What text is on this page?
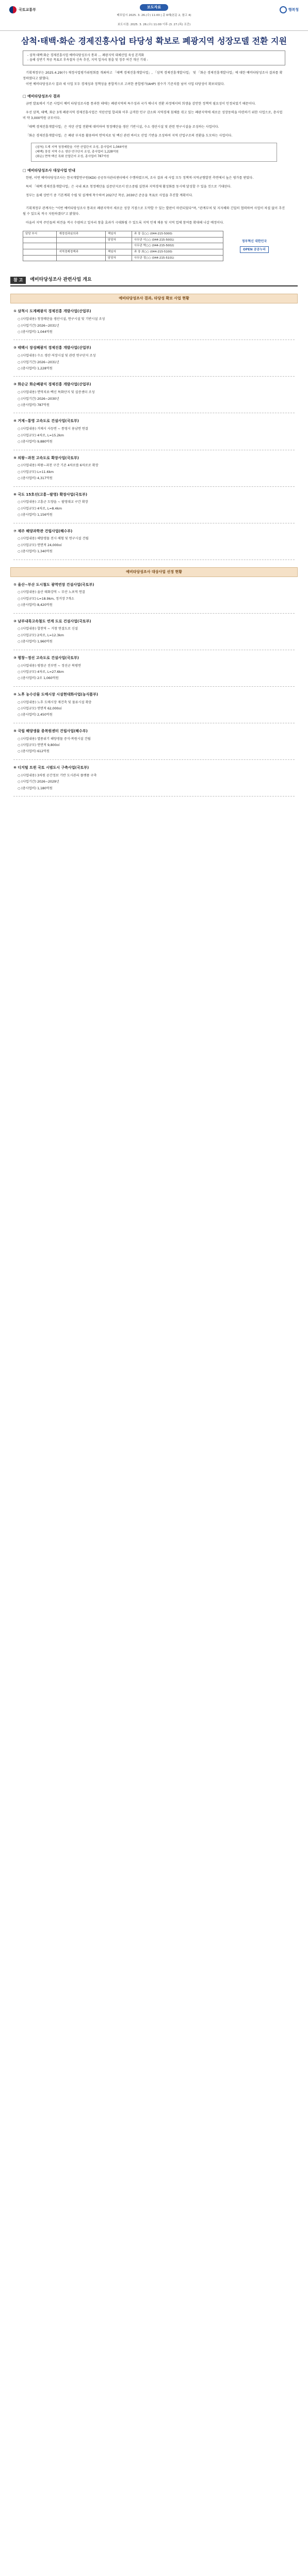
국토교통부
보도자료
배포일시 2025. 3. 26.(수) 11:00 | 총 6매(본문 2, 참고 4)
행복청
보도시점: 2025. 3. 26.(수) 11:00 이후 (3. 27.(목) 조간)
삼척·태백·화순 경제진흥사업 타당성 확보로 폐광지역 성장모델 전환 지원
- 삼척·태백·화순 경제진흥사업 예비타당성조사 통과 … 폐광지역 대체산업 육성 본격화
- 올해 상반기 착공 목표로 후속절차 신속 추진, 지역 일자리 창출 및 정주 여건 개선 기대 -

기획재정부는 2025.4.29(수) 재정사업평가위원회를 개최하고 「태백 경제진흥개발사업」, 「삼척 경제진흥개발사업」 및 「화순 경제진흥개발사업」에 대한 예비타당성조사 결과를 확정하였다고 밝혔다.

이번 예비타당성조사 결과 세 사업 모두 경제성과 정책성을 종합적으로 고려한 종합평가(AHP) 점수가 기준치를 넘어 사업 타당성이 확보되었다.

□ 예비타당성조사 결과

금번 발표에서 기존 사업이 예비 타당성조사를 통과한 데에는 폐광지역의 특수성과 국가 에너지 전환 과정에서의 희생을 감안한 정책적 필요성이 인정되었기 때문이다.

우선 삼척, 태백, 화순 3개 폐광지역 경제진흥사업은 석탄산업 합리화 이후 급격한 인구 감소와 지역경제 침체를 겪고 있는 폐광지역에 새로운 성장동력을 마련하기 위한 사업으로, 총사업비 약 3,000억원 규모이다.

「태백 경제진흥개발사업」은 석탄 산업 전환에 대비하여 청정메탄올 생산 기반시설, 수소 생산시설 및 관련 연구시설을 조성하는 사업이다.

「화순 경제진흥개발사업」은 폐광 부지를 활용하여 면역치료 및 백신 관련 바이오 산업 기반을 조성하여 지역 산업구조의 전환을 도모하는 사업이다.

(삼척) 도계 지역 청정메탄올 기반 산업단지 조성, 총사업비 1,044억원
(태백) 장성 지역 수소 생산·연구단지 조성, 총사업비 1,228억원
(화순) 면역·백신 특화 산업단지 조성, 총사업비 787억원
□ 예비타당성조사 대상사업 안내

한편, 이번 예비타당성조사는 한국개발연구원(KDI) 공공투자관리센터에서 수행하였으며, 조사 결과 세 사업 모두 정책적·지역균형발전 측면에서 높은 평가를 받았다.

특히 「태백 경제진흥개발사업」은 국내 최초 청정메탄올 실증단지로서 탄소중립 실현과 지역경제 활성화를 동시에 달성할 수 있을 것으로 기대된다.

정부는 올해 상반기 중 기본계획 수립 및 설계에 착수하여 2027년 착공, 2030년 준공을 목표로 사업을 추진할 계획이다.

기획재정부 관계자는 "이번 예비타당성조사 통과로 폐광지역이 새로운 성장 거점으로 도약할 수 있는 발판이 마련되었다"며, "관계부처 및 지자체와 긴밀히 협력하여 사업이 차질 없이 추진될 수 있도록 적극 지원하겠다"고 밝혔다.

아울러 지역 주민들의 의견을 적극 수렴하고 일자리 창출 효과가 극대화될 수 있도록 지역 인재 채용 및 지역 업체 참여를 확대해 나갈 예정이다.

담당 부서	재정성과심의과	책임자	과 장 김○○ (044-215-5000)
		담당자	사무관 이○○ (044-215-5001)
			사무관 박○○ (044-215-5002)
	지역경제정책과	책임자	과 장 최○○ (044-215-5100)
		담당자	사무관 정○○ (044-215-5101)
정부혁신 대한민국
OPEN 공공누리
참 고	예비타당성조사 관련사업 개요
예비타당성조사 결과, 타당성 확보 사업 현황
① 삼척시 도계폐광지 경제진흥 개발사업(산업부)
○ (사업내용) 청정메탄올 생산시설, 연구시설 및 기반시설 조성
○ (사업기간) 2026~2031년
○ (총사업비) 1,044억원
② 태백시 장성폐광지 경제진흥 개발사업(산업부)
○ (사업내용) 수소 생산·저장시설 및 관련 연구단지 조성
○ (사업기간) 2026~2031년
○ (총사업비) 1,228억원
③ 화순군 화순폐광지 경제진흥 개발사업(산업부)
○ (사업내용) 면역치료·백신 특화단지 및 실증센터 조성
○ (사업기간) 2026~2030년
○ (총사업비) 787억원
④ 거제~통영 고속도로 건설사업(국토부)
○ (사업내용) 거제시 사등면 ~ 통영시 용남면 연결
○ (사업규모) 4차로, L=15.2km
○ (총사업비) 9,880억원
⑤ 의왕~과천 고속도로 확장사업(국토부)
○ (사업내용) 의왕~과천 구간 기존 4차로를 6차로로 확장
○ (사업규모) L=11.6km
○ (총사업비) 4,317억원
⑥ 국도 15호선(고흥~팔영) 확장사업(국토부)
○ (사업내용) 고흥군 도양읍 ~ 팔영대교 구간 확장
○ (사업규모) 4차로, L=8.4km
○ (총사업비) 1,156억원
⑦ 제주 해양과학관 건립사업(해수부)
○ (사업내용) 해양생물 전시·체험 및 연구시설 건립
○ (사업규모) 연면적 24,000㎡
○ (총사업비) 1,340억원
예비타당성조사 대상사업 선정 현황
① 울산~부산 도시철도 광역연장 건설사업(국토부)
○ (사업내용) 울산 태화강역 ~ 부산 노포역 연결
○ (사업규모) L=18.9km, 정거장 7개소
○ (총사업비) 8,420억원
② 남부내륙고속철도 연계 도로 건설사업(국토부)
○ (사업내용) 합천역 ~ 거창 연결도로 신설
○ (사업규모) 2차로, L=12.3km
○ (총사업비) 1,960억원
③ 평창~정선 고속도로 건설사업(국토부)
○ (사업내용) 평창군 진부면 ~ 정선군 북평면
○ (사업규모) 4차로, L=27.6km
○ (총사업비) 2조 1,060억원
④ 노후 농수산물 도매시장 시설현대화사업(농식품부)
○ (사업내용) 노후 도매시장 재건축 및 물류시설 확충
○ (사업규모) 연면적 62,000㎡
○ (총사업비) 2,450억원
⑤ 국립 해양생물 종복원센터 건립사업(해수부)
○ (사업내용) 멸종위기 해양생물 증식·복원시설 건립
○ (사업규모) 연면적 9,800㎡
○ (총사업비) 612억원
⑥ 디지털 트윈 국토 시범도시 구축사업(국토부)
○ (사업내용) 3차원 공간정보 기반 도시관리 플랫폼 구축
○ (사업기간) 2026~2029년
○ (총사업비) 1,180억원
